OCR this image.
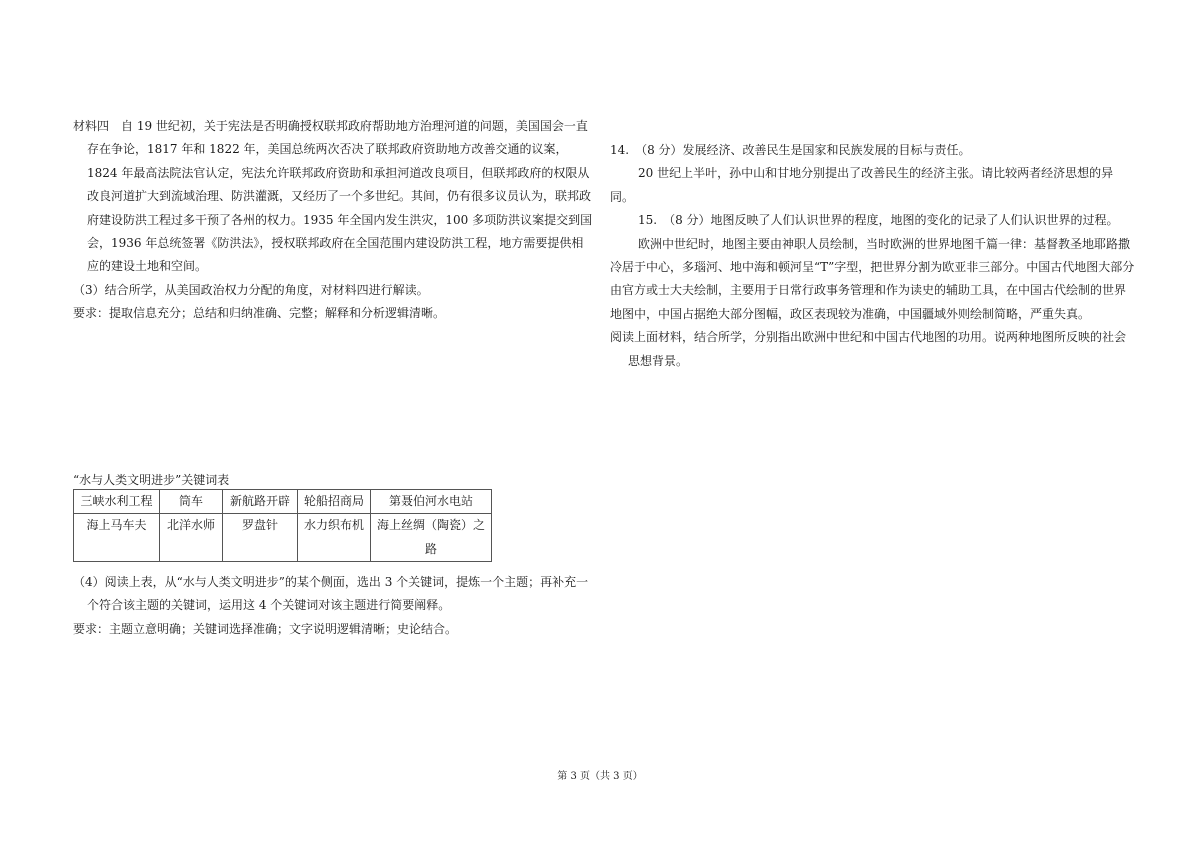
材料四　自 19 世纪初，关于宪法是否明确授权联邦政府帮助地方治理河道的问题，美国国会一直存在争论，1817 年和 1822 年，美国总统两次否决了联邦政府资助地方改善交通的议案，1824 年最高法院法官认定，宪法允许联邦政府资助和承担河道改良项目，但联邦政府的权限从改良河道扩大到流域治理、防洪灌溉，又经历了一个多世纪。其间，仍有很多议员认为，联邦政府建设防洪工程过多干预了各州的权力。1935 年全国内发生洪灾，100 多项防洪议案提交到国会，1936 年总统签署《防洪法》，授权联邦政府在全国范围内建设防洪工程，地方需要提供相应的建设土地和空间。

（3）结合所学，从美国政治权力分配的角度，对材料四进行解读。

要求：提取信息充分；总结和归纳准确、完整；解释和分析逻辑清晰。

“水与人类文明进步”关键词表

三峡水利工程	筒车	新航路开辟	轮船招商局	第聂伯河水电站
海上马车夫	北洋水师	罗盘针	水力织布机	海上丝绸（陶瓷）之路

（4）阅读上表，从“水与人类文明进步”的某个侧面，选出 3 个关键词，提炼一个主题；再补充一个符合该主题的关键词，运用这 4 个关键词对该主题进行简要阐释。

要求：主题立意明确；关键词选择准确；文字说明逻辑清晰；史论结合。

14.　（8 分）发展经济、改善民生是国家和民族发展的目标与责任。

20 世纪上半叶，孙中山和甘地分别提出了改善民生的经济主张。请比较两者经济思想的异同。

15.　（8 分）地图反映了人们认识世界的程度，地图的变化的记录了人们认识世界的过程。

欧洲中世纪时，地图主要由神职人员绘制，当时欧洲的世界地图千篇一律：基督教圣地耶路撒冷居于中心，多瑙河、地中海和顿河呈“T”字型，把世界分割为欧亚非三部分。中国古代地图大部分由官方或士大夫绘制，主要用于日常行政事务管理和作为读史的辅助工具，在中国古代绘制的世界地图中，中国占据绝大部分图幅，政区表现较为准确，中国疆域外则绘制简略，严重失真。

阅读上面材料，结合所学，分别指出欧洲中世纪和中国古代地图的功用。说两种地图所反映的社会思想背景。

第 3 页（共 3 页）
